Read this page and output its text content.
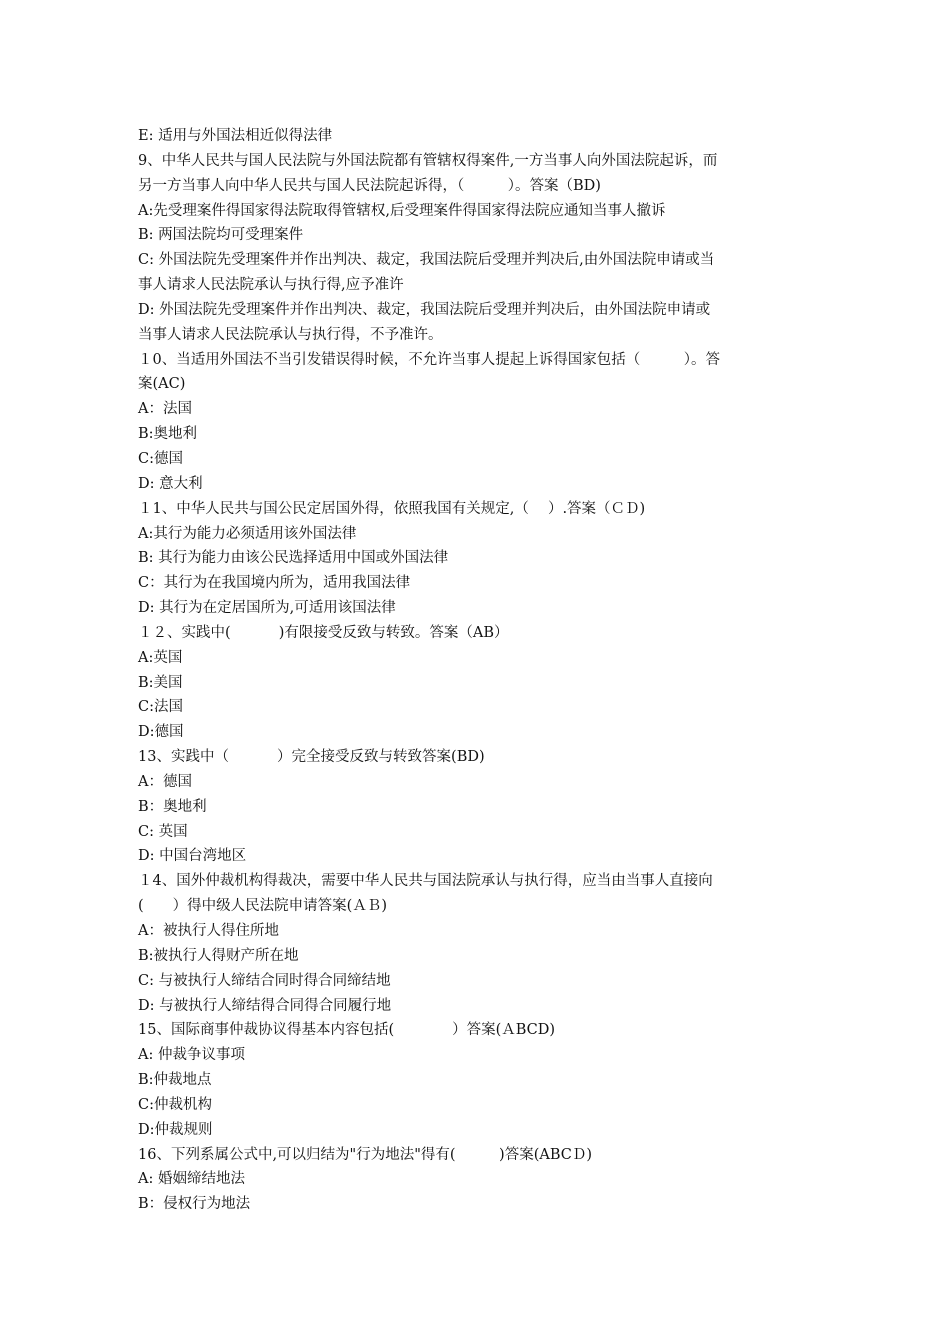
E: 适用与外国法相近似得法律
9、中华人民共与国人民法院与外国法院都有管辖权得案件,一方当事人向外国法院起诉，而
另一方当事人向中华人民共与国人民法院起诉得，（　　　）。答案（BD)
A:先受理案件得国家得法院取得管辖权,后受理案件得国家得法院应通知当事人撤诉
B: 两国法院均可受理案件
C: 外国法院先受理案件并作出判决、裁定，我国法院后受理并判决后,由外国法院申请或当
事人请求人民法院承认与执行得,应予准许
D: 外国法院先受理案件并作出判决、裁定，我国法院后受理并判决后，由外国法院申请或
当事人请求人民法院承认与执行得，不予准许。
１0、当适用外国法不当引发错误得时候，不允许当事人提起上诉得国家包括（　　　）。答
案(AC)
A：法国
B:奥地利
C:德国
D: 意大利
１1、中华人民共与国公民定居国外得，依照我国有关规定,（　 ）.答案（ＣＤ)
A:其行为能力必须适用该外国法律
B: 其行为能力由该公民选择适用中国或外国法律
C：其行为在我国境内所为，适用我国法律
D: 其行为在定居国所为,可适用该国法律
１２、实践中(　　　 )有限接受反致与转致。答案（AB）
A:英国
B:美国
C:法国
D:德国
13、实践中（　　　 ）完全接受反致与转致答案(BD)
A：德国
B：奥地利
C: 英国
D: 中国台湾地区
１4、国外仲裁机构得裁决，需要中华人民共与国法院承认与执行得，应当由当事人直接向
(　　）得中级人民法院申请答案(ＡＢ)
A：被执行人得住所地
B:被执行人得财产所在地
C: 与被执行人缔结合同时得合同缔结地
D: 与被执行人缔结得合同得合同履行地
15、国际商事仲裁协议得基本内容包括(　　　　）答案(ＡBCD)
A: 仲裁争议事项
B:仲裁地点
C:仲裁机构
D:仲裁规则
16、下列系属公式中,可以归结为"行为地法"得有(　　　)答案(ABCＤ)
A: 婚姻缔结地法
B：侵权行为地法
